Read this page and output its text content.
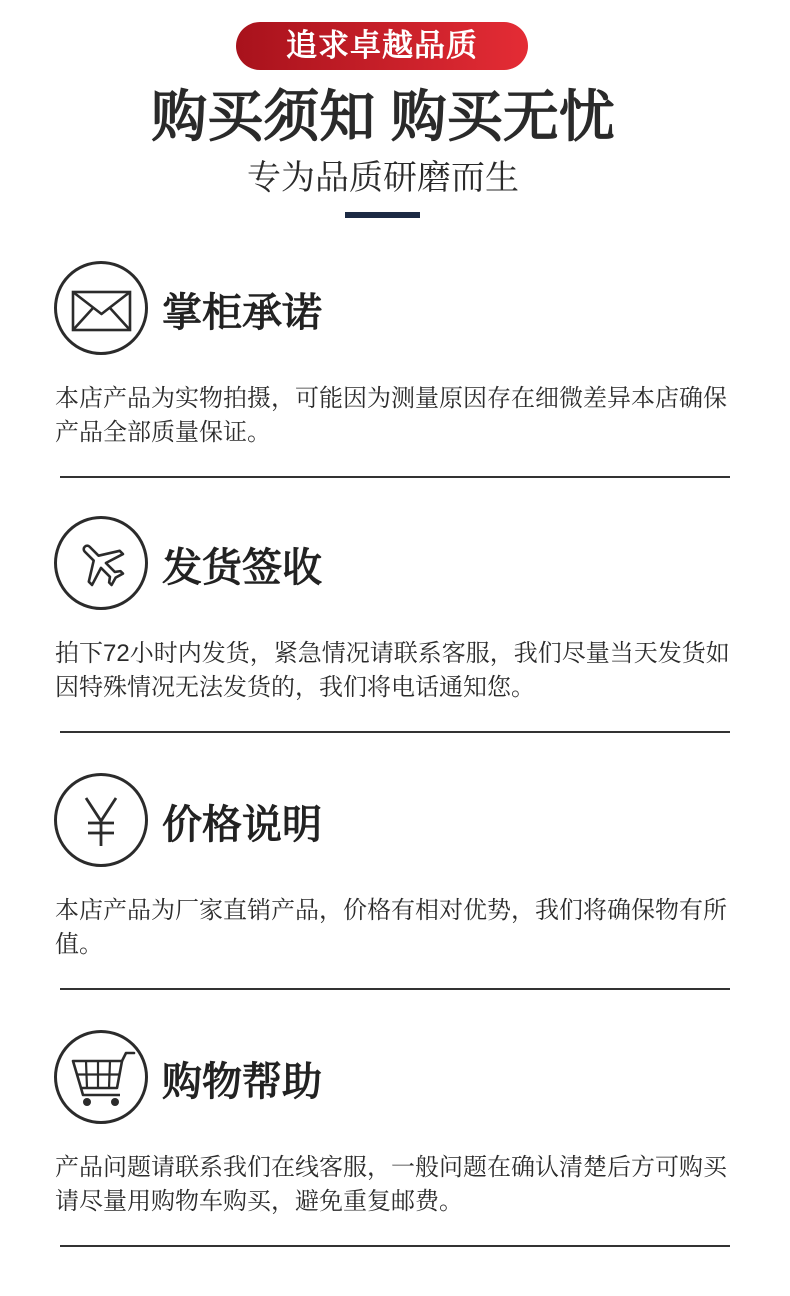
追求卓越品质
购买须知 购买无忧
专为品质研磨而生
掌柜承诺
本店产品为实物拍摄，可能因为测量原因存在细微差异本店确保
产品全部质量保证。
发货签收
拍下72小时内发货，紧急情况请联系客服，我们尽量当天发货如
因特殊情况无法发货的，我们将电话通知您。
价格说明
本店产品为厂家直销产品，价格有相对优势，我们将确保物有所
值。
购物帮助
产品问题请联系我们在线客服，一般问题在确认清楚后方可购买
请尽量用购物车购买，避免重复邮费。
